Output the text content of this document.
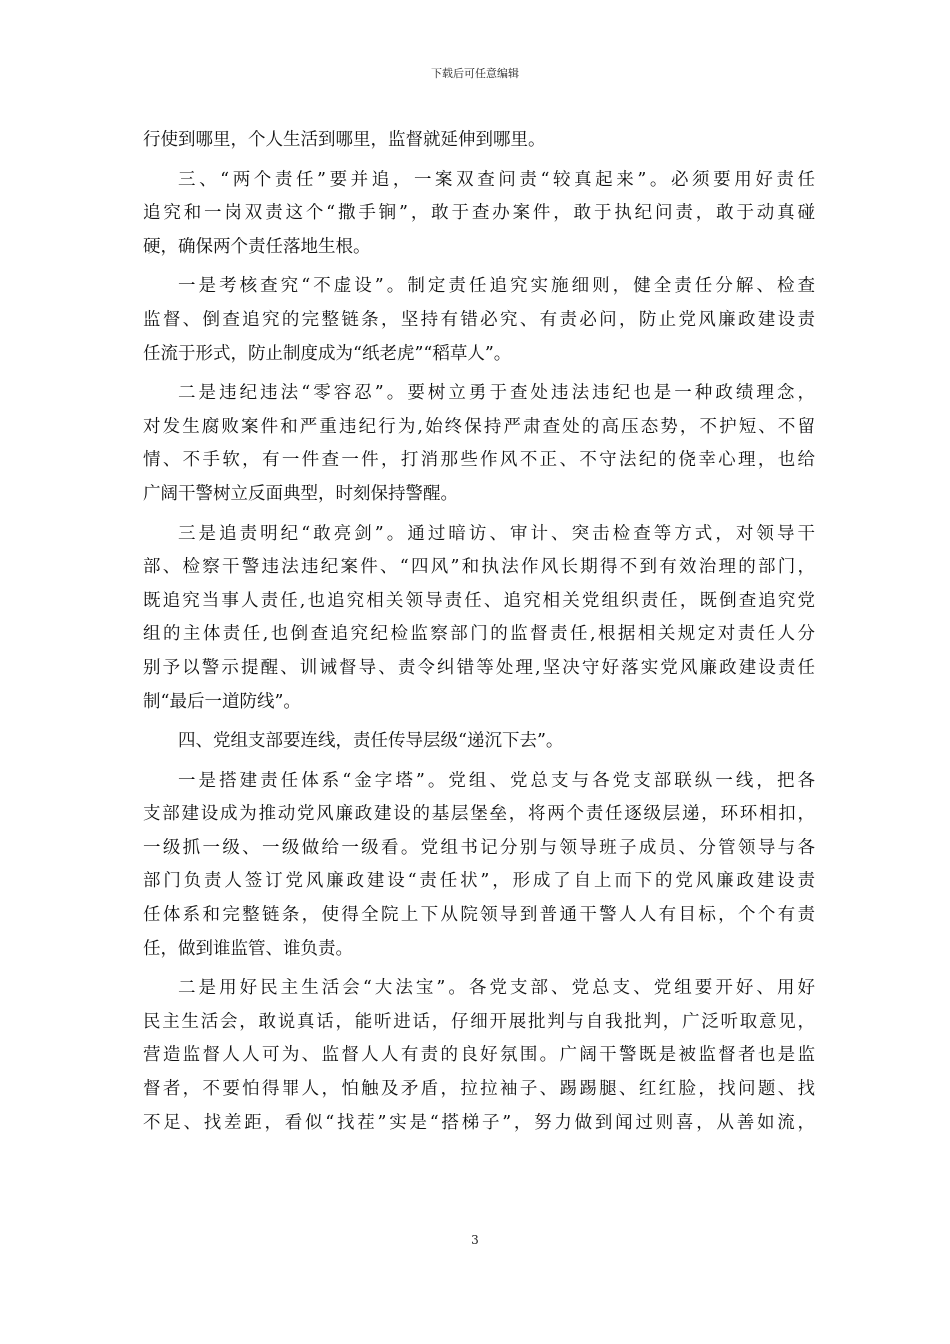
下载后可任意编辑
行使到哪里，个人生活到哪里，监督就延伸到哪里。
三、“两个责任”要并追，一案双查问责“较真起来”。必须要用好责任
追究和一岗双责这个“撒手锏”，敢于查办案件，敢于执纪问责，敢于动真碰
硬，确保两个责任落地生根。
一是考核查究“不虚设”。制定责任追究实施细则，健全责任分解、检查
监督、倒查追究的完整链条，坚持有错必究、有责必问，防止党风廉政建设责
任流于形式，防止制度成为“纸老虎”“稻草人”。
二是违纪违法“零容忍”。要树立勇于查处违法违纪也是一种政绩理念，
对发生腐败案件和严重违纪行为,始终保持严肃查处的高压态势，不护短、不留
情、不手软，有一件查一件，打消那些作风不正、不守法纪的侥幸心理，也给
广阔干警树立反面典型，时刻保持警醒。
三是追责明纪“敢亮剑”。通过暗访、审计、突击检查等方式，对领导干
部、检察干警违法违纪案件、“四风”和执法作风长期得不到有效治理的部门，
既追究当事人责任,也追究相关领导责任、追究相关党组织责任，既倒查追究党
组的主体责任,也倒查追究纪检监察部门的监督责任,根据相关规定对责任人分
别予以警示提醒、训诫督导、责令纠错等处理,坚决守好落实党风廉政建设责任
制“最后一道防线”。
四、党组支部要连线，责任传导层级“递沉下去”。
一是搭建责任体系“金字塔”。党组、党总支与各党支部联纵一线，把各
支部建设成为推动党风廉政建设的基层堡垒，将两个责任逐级层递，环环相扣，
一级抓一级、一级做给一级看。党组书记分别与领导班子成员、分管领导与各
部门负责人签订党风廉政建设“责任状”，形成了自上而下的党风廉政建设责
任体系和完整链条，使得全院上下从院领导到普通干警人人有目标，个个有责
任，做到谁监管、谁负责。
二是用好民主生活会“大法宝”。各党支部、党总支、党组要开好、用好
民主生活会，敢说真话，能听进话，仔细开展批判与自我批判，广泛听取意见，
营造监督人人可为、监督人人有责的良好氛围。广阔干警既是被监督者也是监
督者，不要怕得罪人，怕触及矛盾，拉拉袖子、踢踢腿、红红脸，找问题、找
不足、找差距，看似“找茬”实是“搭梯子”，努力做到闻过则喜，从善如流，
3
